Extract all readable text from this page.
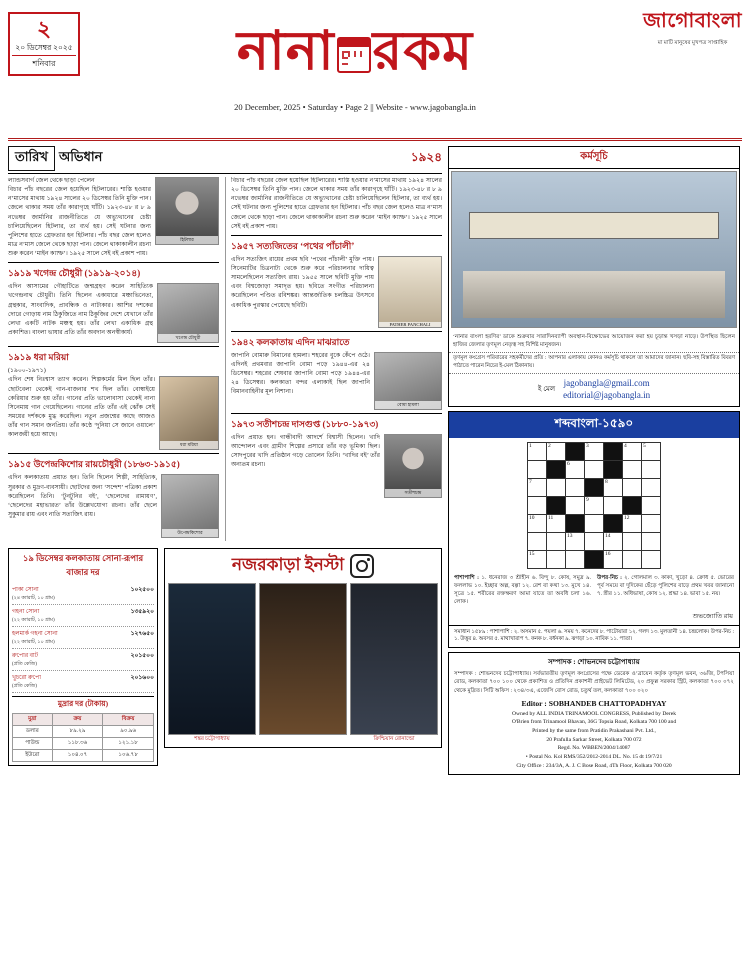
জাগোবাংলা
মা মাটি মানুষের মুখপত্র সাপ্তাহিক
২
২০ ডিসেম্বর ২০২৫
শনিবার	নানা রকম
20 December, 2025 • Saturday • Page 2 || Website - www.jagobangla.in
তারিখ অভিধান	১৯২৪
ল্যান্ডসবার্গ জেল থেকে ছাড়া পেলেন
বিচার পাঁচ বছরের জেল হয়েছিল হিটলারের। শাস্তি হওয়ার ন’মাসের মাথায় ১৯২৪ সালের ২০ ডিসেম্বর তিনি মুক্তি পান। জেলে থাকার সময় তাঁর কারাগৃহে ঘাঁটি। ১৯২৩-৪৮ র ৮ ৯ নভেম্বর জার্মানির রাজনীতিতে যে অভ্যুত্থানের চেষ্টা চালিয়েছিলেন হিটলার, তা ব্যর্থ হয়। সেই ঘটনার জন্য পুলিশের হাতে গ্রেফতার হন হিটলার। পাঁচ বছর জেল হলেও মাত্র ন’মাস জেলে থেকে ছাড়া পান। জেলে থাকাকালীন রচনা শুরু করেন ‘মাইন ক্যাম্ফ’। ১৯২৫ সালে সেই বই প্রকাশ পায়।
হিটলার
১৯১৯ খগেন্দ্র চৌধুরী (১৯১৯-২০১৪)
এদিন আসামের গৌহাটিতে জন্মগ্রহণ করেন সাহিত্যিক খগেন্দ্রনাথ চৌধুরী। তিনি ছিলেন একাধারে মঞ্চাভিনেতা, গ্রন্থকার, সাংবাদিক, প্রাবন্ধিক ও নাট্যকার। আশির দশকের দোরে গোড়ায় নাম ঠিকুজিতে নাম ঠিকুজির দেশে যেখানে তাঁর লেখা একটি নাটক মঞ্চস্থ হয়। তাঁর লেখা একাধিক গ্রন্থ প্রকাশিত। বাংলা ভাষার প্রতি তাঁর অবদান অনস্বীকার্য।
খগেন্দ্র চৌধুরী
১৯১৯ ধরা মরিয়া
(১৯০০-১৯৭১)
এদিন শেষ নিঃশ্বাস ত্যাগ করেন। শিল্পকর্মের মিল ছিল তাঁর। ছোটবেলা থেকেই গান-বাজনার শখ ছিল তাঁর। বোম্বাইয়ে কেরিয়ার শুরু হয় তাঁর। গানের প্রতি ভালোবাসা থেকেই নানা সিনেমায় গান গেয়েছিলেন। গানের প্রতি তাঁর এই ঝোঁক সেই সময়ের দর্শককে মুগ্ধ করেছিল। নতুন প্রজন্মের কাছে আজও তাঁর গান সমান জনপ্রিয়। তাঁর কণ্ঠে ‘দুনিয়া সে জানে ওয়ালে’ কালজয়ী হয়ে আছে।
ধরা মরিয়া
১৯১৫ উপেন্দ্রকিশোর রায়চৌধুরী (১৮৬৩-১৯১৫)
এদিন কলকাতায় প্রয়াত হন। তিনি ছিলেন শিল্পী, সাহিত্যিক, সুরকার ও মুদ্রণ-ব্যবসায়ী। ছোটদের জন্য ‘সন্দেশ’ পত্রিকা প্রকাশ করেছিলেন তিনি। ‘টুনটুনির বই’, ‘ছেলেদের রামায়ণ’, ‘ছেলেদের মহাভারত’ তাঁর উল্লেখযোগ্য রচনা। তাঁর ছেলে সুকুমার রায় এবং নাতি সত্যজিৎ রায়।
উপেন্দ্রকিশোর
বিচার পাঁচ বছরের জেল হয়েছিল হিটলারের। শাস্তি হওয়ার ন’মাসের মাথায় ১৯২৪ সালের ২০ ডিসেম্বর তিনি মুক্তি পান। জেলে থাকার সময় তাঁর কারাগৃহে ঘাঁটি। ১৯২৩-৪৮ র ৮ ৯ নভেম্বর জার্মানির রাজনীতিতে যে অভ্যুত্থানের চেষ্টা চালিয়েছিলেন হিটলার, তা ব্যর্থ হয়। সেই ঘটনার জন্য পুলিশের হাতে গ্রেফতার হন হিটলার। পাঁচ বছর জেল হলেও মাত্র ন’মাস জেলে থেকে ছাড়া পান। জেলে থাকাকালীন রচনা শুরু করেন ‘মাইন ক্যাম্ফ’। ১৯২৫ সালে সেই বই প্রকাশ পায়।
১৯৫৭ সত্যজিতের ‘পথের পাঁচালী’
এদিন সত্যজিৎ রায়ের প্রথম ছবি ‘পথের পাঁচালী’ মুক্তি পায়। সিনেমাটির চিত্রনাট্য থেকে শুরু করে পরিচালনার দায়িত্ব সামলেছিলেন সত্যজিৎ রায়। ১৯৫৫ সালে ছবিটি মুক্তি পায় এবং বিশ্বজোড়া সমাদৃত হয়। ছবিতে সংগীত পরিচালনা করেছিলেন পণ্ডিত রবিশঙ্কর। আন্তর্জাতিক চলচ্চিত্র উৎসবে একাধিক পুরস্কার পেয়েছে ছবিটি।
PATHER PANCHALI
১৯৪২ কলকাতায় এদিন মাঝরাতে
জাপানি বোমারু বিমানের হামলা। শহরের বুকে কেঁপে ওঠে। এদিনই প্রথমবার জাপানি বোমা পড়ে ১৯৪৪-এর ২৪ ডিসেম্বর। শহরের শেষবার জাপানি বোমা পড়ে ১৯৪৪-এর ২৪ ডিসেম্বর। কলকাতা বন্দর এলাকাই ছিল জাপানি বিমানবাহিনীর মূল নিশানা।
বোমা হামলা
১৯৭৩ সতীশচন্দ্র দাসগুপ্ত (১৮৮০-১৯৭৩)
এদিন প্রয়াত হন। গান্ধীবাদী আদর্শে বিশ্বাসী ছিলেন। খাদি আন্দোলন এবং গ্রামীণ শিল্পের প্রসারে তাঁর বড় ভূমিকা ছিল। সোদপুরের খাদি প্রতিষ্ঠান গড়ে তোলেন তিনি। ‘খাদির বই’ তাঁর অন্যতম রচনা।
সতীশচন্দ্র
১৯ ডিসেম্বর কলকাতায় সোনা-রূপার বাজার দর
পাকা সোনা
(২৪ ক্যারাট, ১০ গ্রাম)
১০২৫০০
গহনা সোনা
(২২ ক্যারাট, ১০ গ্রাম)
১৩৫৯২০
হলমার্ক গহনা সোনা
(২২ ক্যারাট, ১০ গ্রাম)
১২৭৬৫০
রুপোর বাট
(প্রতি কেজি)
২০১৫০০
খুচরো রুপো
(প্রতি কেজি)
২০১৬০০
মুদ্রার দর (টাকায়)
মুদ্রা	ক্রয়	বিক্রয়
ডলার	৮৯.২৯	৯০.৯৬
পাউন্ড	১১৮.৩৬	১২১.১৮
ইউরো	১০৪.০৭	১০৬.৭৮
নজরকাড়া ইনস্টা
শঙ্কর চট্টোপাধ্যায়	ক্রিশ্চিয়ান রোনাল্ডো
কর্মসূচি
‘নানার বাংলা হরণির’ ডাকে শুক্রবার সারাদিনব্যাপী অবস্থান-বিক্ষোভের আয়োজন করা হয় চূড়ান্ত খসড়া নাড়ে। উপস্থিত ছিলেন হাজির জেলার তৃণমূল নেতৃত্ব সহ বিশিষ্ট মানুষজন।
তৃণমূল কংগ্রেস পরিবারের সহকর্মীদের প্রতি : আপনার এলাকায় কোনও কর্মসূচি থাকলে তা আমাদের জানান। ছবি-সহ বিস্তারিত বিবরণ পাঠাতে পারেন নিচের ই-মেল ঠিকানায়।
ই মেল jagobangla@gmail.com
editorial@jagobangla.in
শব্দবাংলা-১৫৯০
1	2		3		4	5
		6				
7				8		
			9			
10	11				12	
		13		14		
15				16		
পাশাপাশি : ১. ধনেরাজ ৩ শ্রীহীন ৬. বিন্দু ৮. কোষ, সমুদ্র ৯. ফললাভ ১০. ইচ্ছার অল্প, বল্গা ১২. রেশ বা কথা ১৩. মুখে ১৪. সূত্রে ১৫. শরীরের রক্তক্ষরণ আমা যাতে তা অবধি চলা ১৬. লোক।
উপর-নিচ : ২. গোলমাল ৩. কাকা, খুড়ো ৪. ক্রোধ ৫. ভোরের পূর্ব সময়ে বা দুদিকের ছেঁড়ে পুলিশের বাড়ে প্রথম খবর জানানো ৭. স্ত্রীর ১১. অধিভাষা, কোষ ১২. শ্রদ্ধা ১৪. ভাবা ১৫. নয়।
শুভজ্যোতি রায়
সমাধান ১৫৮৯ : পাশাপাশি : ২. অসমান ৫. পয়লা ৬. সময় ৭. কনেদের ৮. পাটোয়ারা ১২. গলদ ১৩. মুলতানী ১৪. চন্দ্রলোক। উপর-নিচ : ১. উত্তুর ৪. অবসর ৫. মাথাখারাপ ৭. কনক ৮. বর্ধনকা ৯. ঝগড়া ১০. নাবিক ১১. পাতা।
সম্পাদক : শোভনদেব চট্টোপাধ্যায়
সম্পাদক : শোভনদেব চট্টোপাধ্যায়। সর্বভারতীয় তৃণমূল কংগ্রেসের পক্ষে ডেরেক ও’ব্রায়েন কর্তৃক তৃণমূল ভবন, ৩৬জি, টপসিয়া রোড, কলকাতা ৭০০ ১০০ থেকে প্রকাশিত ও প্রতিদিন প্রকাশনী প্রাইভেট লিমিটেড, ২০ প্রফুল্ল সরকার স্ট্রিট, কলকাতা ৭০০ ০৭২ থেকে মুদ্রিত। সিটি অফিস : ২৩৪/৩এ, এজেসি বোস রোড, চতুর্থ তল, কলকাতা ৭০০ ০২০
Editor : SOBHANDEB CHATTOPADHYAY
Owned by ALL INDIA TRINAMOOL CONGRESS, Published by Derek
O'Brien from Trinamool Bhavan, 36G Topsia Road, Kolkata 700 100 and
Printed by the same from Pratidin Prakashani Pvt. Ltd.,
20 Prafulla Sarkar Street, Kolkata 700 072
Regd. No. WBBEN/2004/14087
• Postal No. Kol RMS/352/2012-2014 DL. No. 15 dt 19/7/21
City Office : 234/3A, A. J. C Bose Road, 4Th Floor, Kolkata 700 020
